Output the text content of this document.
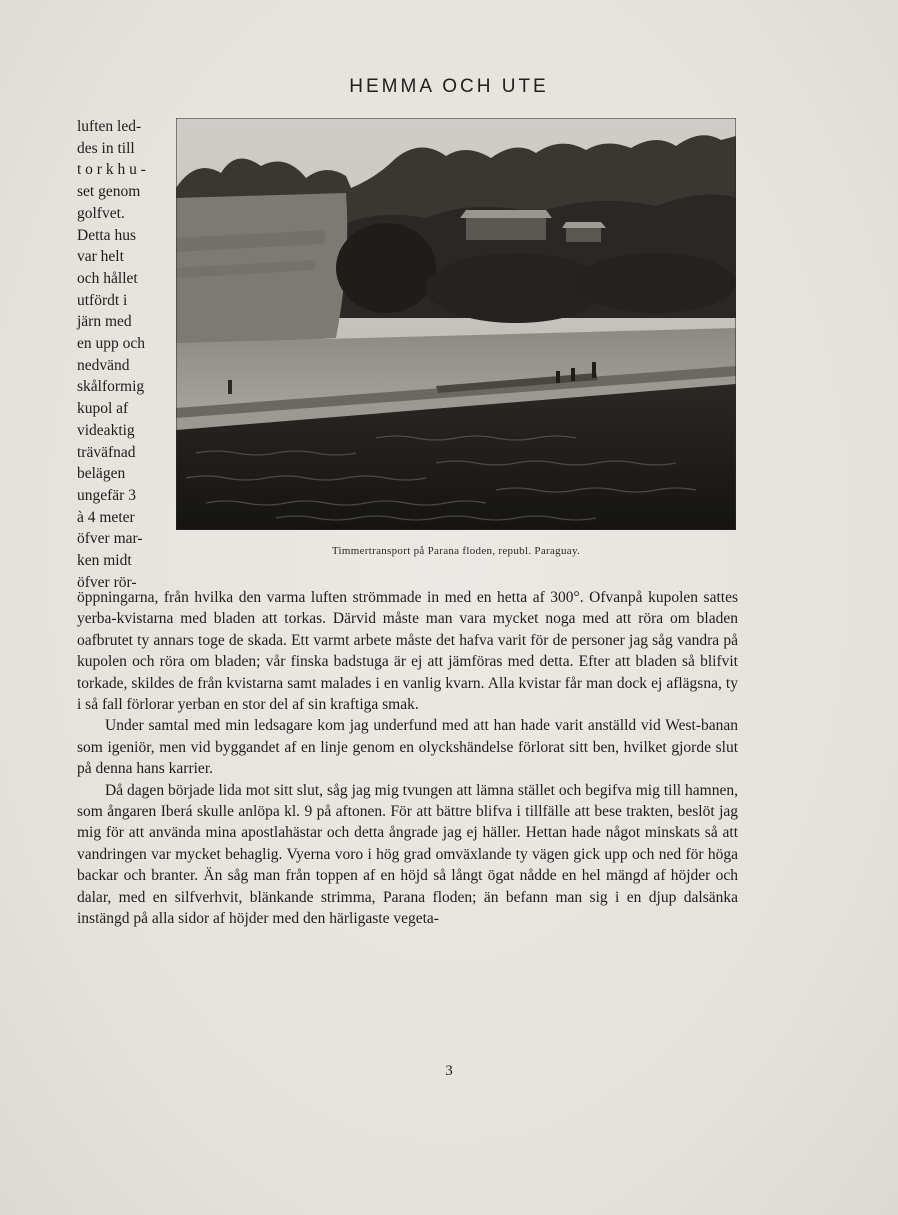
HEMMA OCH UTE
luften led-
des in till
t o r k h u -
set genom
golfvet.
Detta hus
var helt
och hållet
utfördt i
järn med
en upp och
nedvänd
skålformig
kupol af
videaktig
träväfnad
belägen
ungefär 3
à 4 meter
öfver mar-
ken midt
öfver rör-
Timmertransport på Parana floden, republ. Paraguay.

öppningarna, från hvilka den varma luften strömmade in med en hetta af 300°. Ofvanpå kupolen sattes yerba-kvistarna med bladen att torkas. Därvid måste man vara mycket noga med att röra om bladen oafbrutet ty annars toge de skada. Ett varmt arbete måste det hafva varit för de personer jag såg vandra på kupolen och röra om bladen; vår finska badstuga är ej att jämföras med detta. Efter att bladen så blifvit torkade, skildes de från kvistarna samt malades i en vanlig kvarn. Alla kvistar får man dock ej aflägsna, ty i så fall förlorar yerban en stor del af sin kraftiga smak.

Under samtal med min ledsagare kom jag underfund med att han hade varit anställd vid West-banan som igeniör, men vid byggandet af en linje genom en olyckshändelse förlorat sitt ben, hvilket gjorde slut på denna hans karrier.

Då dagen började lida mot sitt slut, såg jag mig tvungen att lämna stället och begifva mig till hamnen, som ångaren Iberá skulle anlöpa kl. 9 på aftonen. För att bättre blifva i tillfälle att bese trakten, beslöt jag mig för att använda mina apostlahästar och detta ångrade jag ej häller. Hettan hade något minskats så att vandringen var mycket behaglig. Vyerna voro i hög grad omväxlande ty vägen gick upp och ned för höga backar och branter. Än såg man från toppen af en höjd så långt ögat nådde en hel mängd af höjder och dalar, med en silfverhvit, blänkande strimma, Parana floden; än befann man sig i en djup dalsänka instängd på alla sidor af höjder med den härligaste vegeta-

3
